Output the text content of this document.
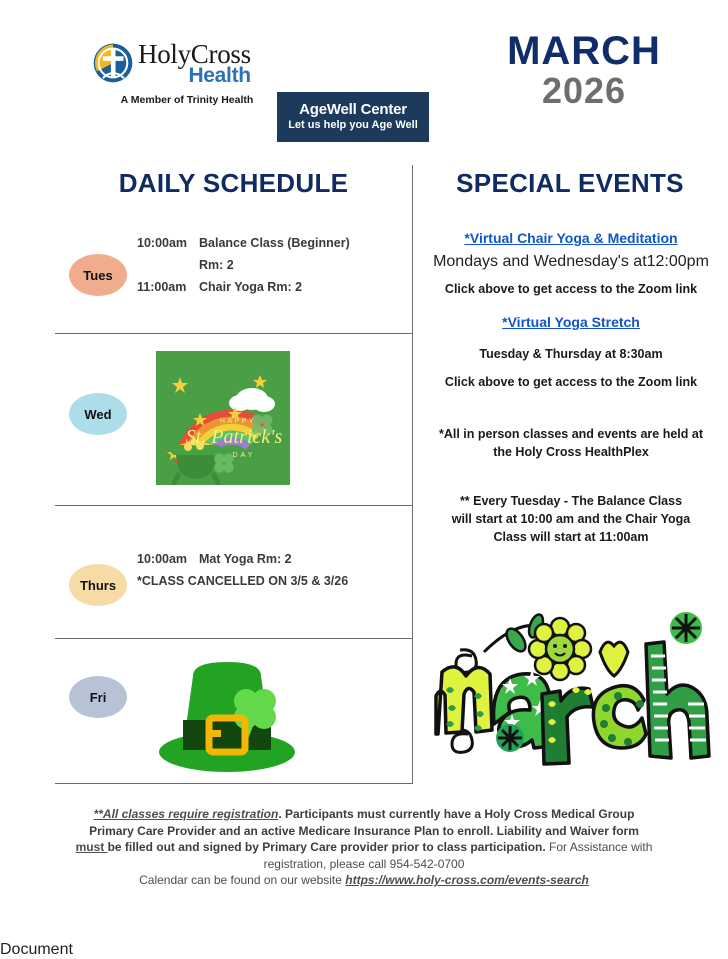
HolyCross
Health
A Member of Trinity Health
AgeWell Center
Let us help you Age Well
MARCH
2026
DAILY SCHEDULE	SPECIAL EVENTS
Tues
10:00am Balance Class (Beginner)
Rm: 2
11:00am	Chair Yoga Rm: 2
Wed	HAPPY
St. Patrick's
DAY
Thurs
10:00am Mat Yoga Rm: 2
*CLASS CANCELLED ON 3/5 & 3/26
Fri
*Virtual Chair Yoga & Meditation
Mondays and Wednesday's at12:00pm
Click above to get access to the Zoom link
*Virtual Yoga Stretch
Tuesday & Thursday at 8:30am
Click above to get access to the Zoom link
*All in person classes and events are held at
the Holy Cross HealthPlex
** Every Tuesday - The Balance Class
will start at 10:00 am and the Chair Yoga
Class will start at 11:00am
**All classes require registration. Participants must currently have a Holy Cross Medical Group
Primary Care Provider and an active Medicare Insurance Plan to enroll. Liability and Waiver form
must be filled out and signed by Primary Care provider prior to class participation. For Assistance with
registration, please call 954-542-0700
Calendar can be found on our website https://www.holy-cross.com/events-search
Document
